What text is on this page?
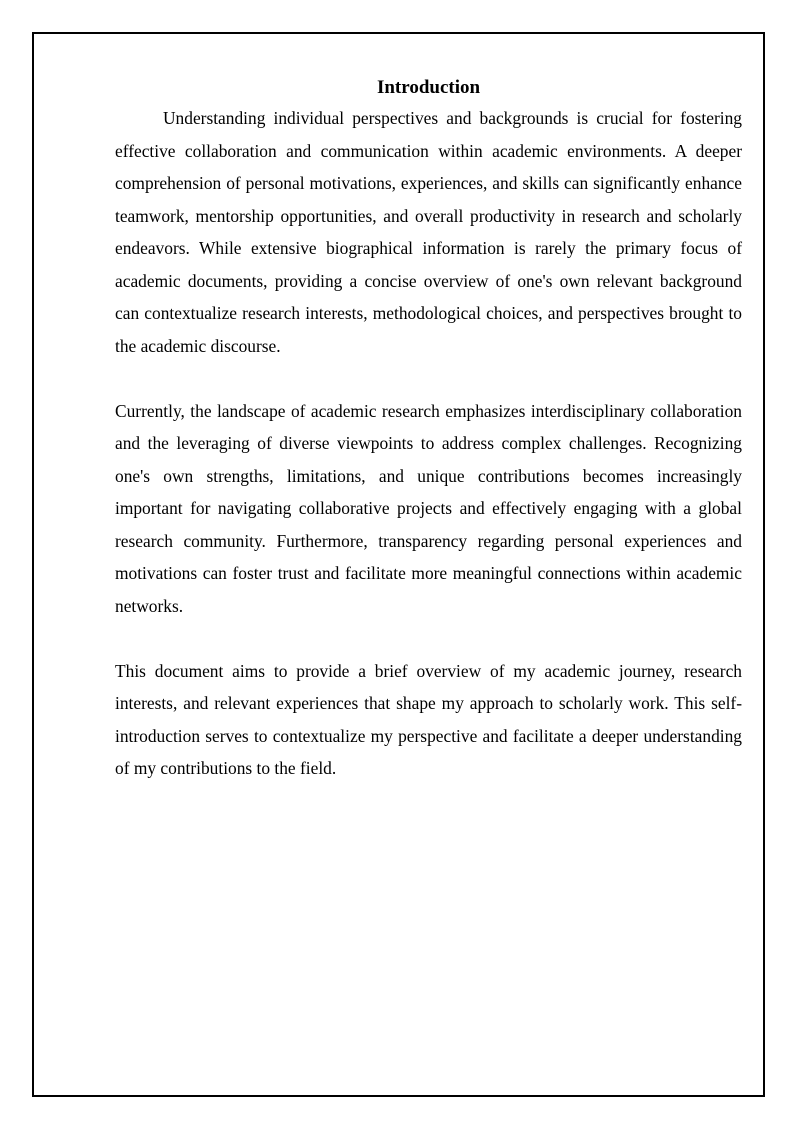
Introduction

Understanding individual perspectives and backgrounds is crucial for fostering effective collaboration and communication within academic environments. A deeper comprehension of personal motivations, experiences, and skills can significantly enhance teamwork, mentorship opportunities, and overall productivity in research and scholarly endeavors. While extensive biographical information is rarely the primary focus of academic documents, providing a concise overview of one's own relevant background can contextualize research interests, methodological choices, and perspectives brought to the academic discourse.

Currently, the landscape of academic research emphasizes interdisciplinary collaboration and the leveraging of diverse viewpoints to address complex challenges. Recognizing one's own strengths, limitations, and unique contributions becomes increasingly important for navigating collaborative projects and effectively engaging with a global research community. Furthermore, transparency regarding personal experiences and motivations can foster trust and facilitate more meaningful connections within academic networks.

This document aims to provide a brief overview of my academic journey, research interests, and relevant experiences that shape my approach to scholarly work. This self-introduction serves to contextualize my perspective and facilitate a deeper understanding of my contributions to the field.
